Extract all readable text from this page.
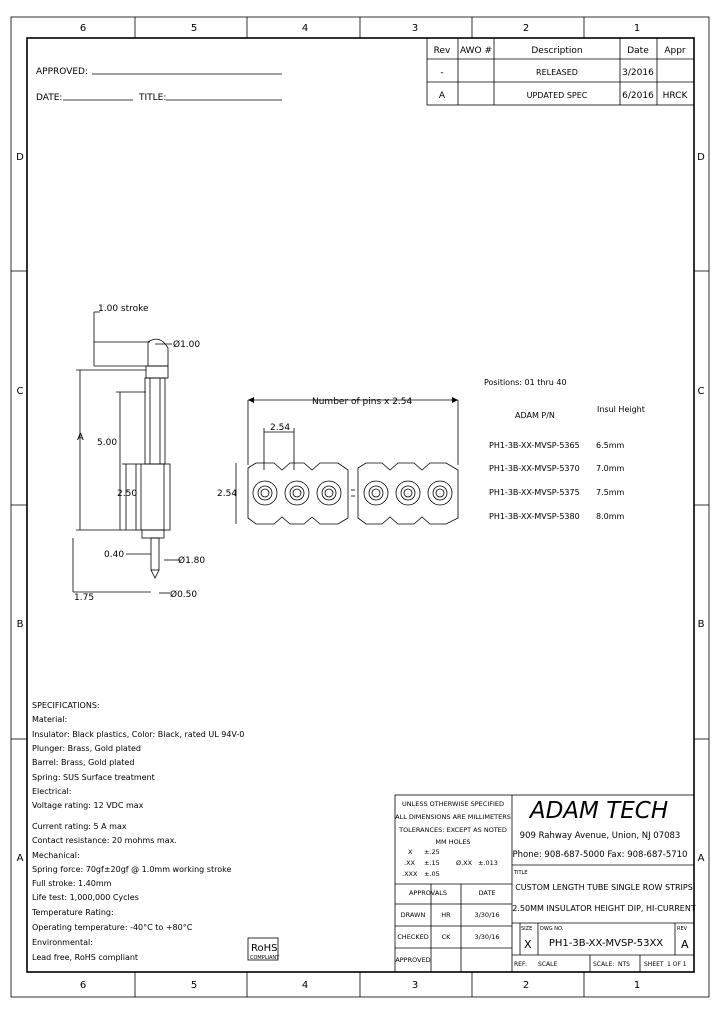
6	5	4	3	2	1
6	5	4	3	2	1
D
C
B
A
D
C
B
A
APPROVED:
DATE:	TITLE:
Rev AWO #	Description	Date Appr
-	RELEASED	3/2016
A	UPDATED SPEC	6/2016 HRCK
1.00 stroke
Ø1.00
A 5.00
2.50
0.40
Ø1.80
1.75	Ø0.50
Number of pins x 2.54
2.54
2.54
Positions: 01 thru 40
ADAM P/N
Insul Height
PH1-3B-XX-MVSP-5365 6.5mm
PH1-3B-XX-MVSP-5370 7.0mm
PH1-3B-XX-MVSP-5375 7.5mm
PH1-3B-XX-MVSP-5380 8.0mm
SPECIFICATIONS:
Material:
Insulator: Black plastics, Color: Black, rated UL 94V-0
Plunger: Brass, Gold plated
Barrel: Brass, Gold plated
Spring: SUS Surface treatment
Electrical:
Voltage rating: 12 VDC max
Current rating: 5 A max
Contact resistance: 20 mohms max.
Mechanical:
Spring force: 70gf±20gf @ 1.0mm working stroke
Full stroke: 1.40mm
Life test: 1,000,000 Cycles
Temperature Rating:
Operating temperature: -40°C to +80°C
Environmental:
Lead free, RoHS compliant
RoHS
COMPLIANT
UNLESS OTHERWISE SPECIFIED
ALL DIMENSIONS ARE MILLIMETERS
TOLERANCES: EXCEPT AS NOTED
MM HOLES
X ±.25
.XX ±.15 Ø.XX ±.013
.XXX ±.05
APPROVALS	DATE
DRAWN HR	3/30/16
CHECKED CK	3/30/16
APPROVED
ADAM TECH
909 Rahway Avenue, Union, NJ 07083
Phone: 908-687-5000 Fax: 908-687-5710
TITLE
CUSTOM LENGTH TUBE SINGLE ROW STRIPS
2.50MM INSULATOR HEIGHT DIP, HI-CURRENT
SIZE
X
DWG NO.
PH1-3B-XX-MVSP-53XX
REV
A
REF: SCALE	SCALE: NTS SHEET 1 OF 1
